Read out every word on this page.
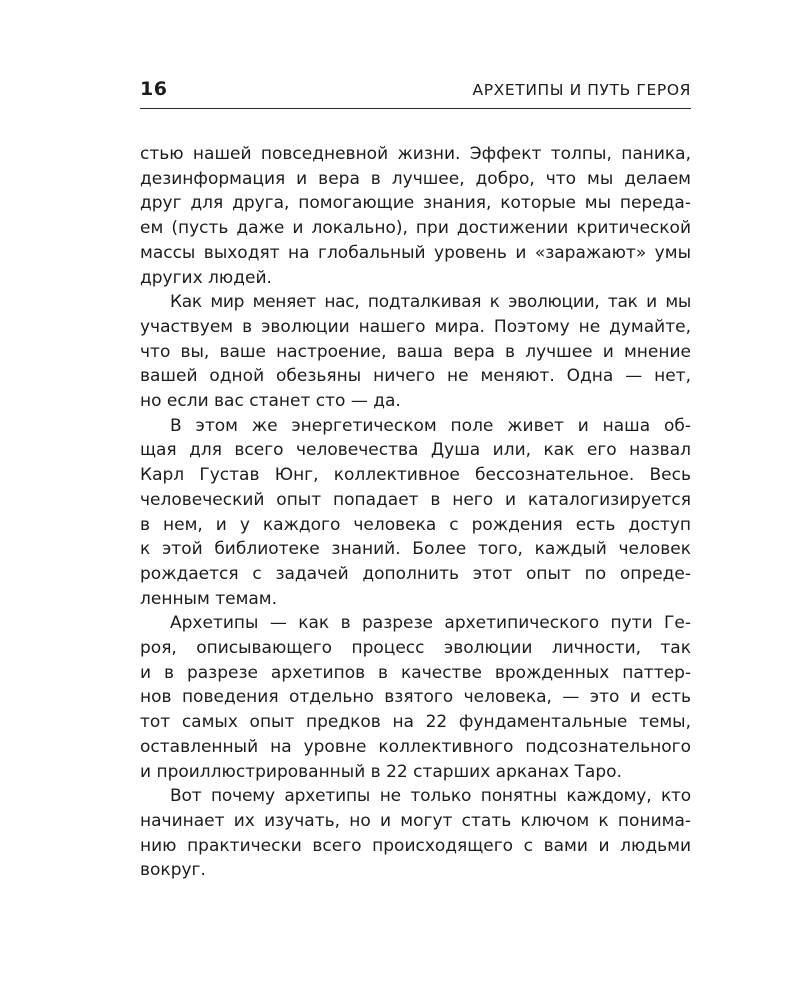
16	АРХЕТИПЫ И ПУТЬ ГЕРОЯ

стью нашей повседневной жизни. Эффект толпы, паника,
дезинформация и вера в лучшее, добро, что мы делаем
друг для друга, помогающие знания, которые мы переда-
ем (пусть даже и локально), при достижении критической
массы выходят на глобальный уровень и «заражают» умы
других людей.

Как мир меняет нас, подталкивая к эволюции, так и мы
участвуем в эволюции нашего мира. Поэтому не думайте,
что вы, ваше настроение, ваша вера в лучшее и мнение
вашей одной обезьяны ничего не меняют. Одна — нет,
но если вас станет сто — да.

В этом же энергетическом поле живет и наша об-
щая для всего человечества Душа или, как его назвал
Карл Густав Юнг, коллективное бессознательное. Весь
человеческий опыт попадает в него и каталогизируется
в нем, и у каждого человека с рождения есть доступ
к этой библиотеке знаний. Более того, каждый человек
рождается с задачей дополнить этот опыт по опреде-
ленным темам.

Архетипы — как в разрезе архетипического пути Ге-
роя, описывающего процесс эволюции личности, так
и в разрезе архетипов в качестве врожденных паттер-
нов поведения отдельно взятого человека, — это и есть
тот самых опыт предков на 22 фундаментальные темы,
оставленный на уровне коллективного подсознательного
и проиллюстрированный в 22 старших арканах Таро.

Вот почему архетипы не только понятны каждому, кто
начинает их изучать, но и могут стать ключом к понима-
нию практически всего происходящего с вами и людьми
вокруг.
